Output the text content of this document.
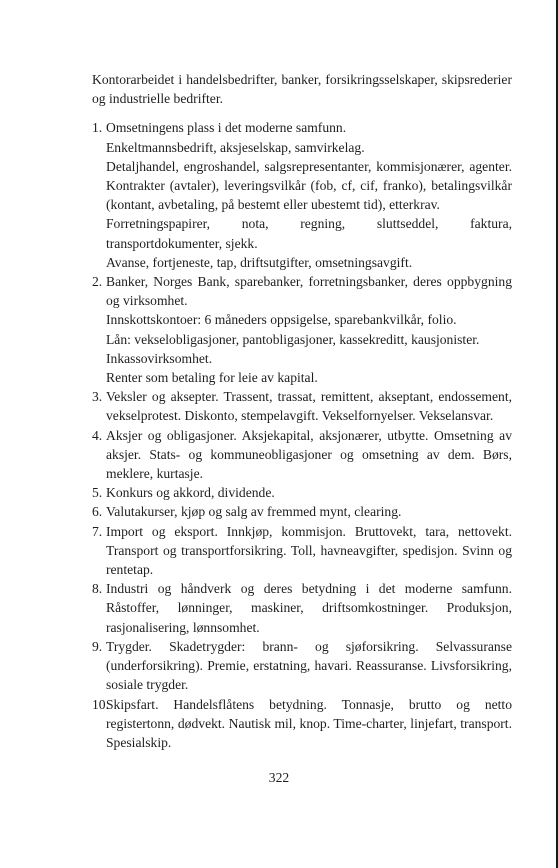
Kontorarbeidet i handelsbedrifter, banker, forsikringsselskaper, skipsrederier og industrielle bedrifter.

1. Omsetningens plass i det moderne samfunn.

Enkeltmannsbedrift, aksjeselskap, samvirkelag.

Detaljhandel, engroshandel, salgsrepresentanter, kommisjonærer, agenter. Kontrakter (avtaler), leveringsvilkår (fob, cf, cif, franko), betalingsvilkår (kontant, avbetaling, på bestemt eller ubestemt tid), etterkrav.

Forretningspapirer, nota, regning, sluttseddel, faktura, transportdokumenter, sjekk.

Avanse, fortjeneste, tap, driftsutgifter, omsetningsavgift.

2. Banker, Norges Bank, sparebanker, forretningsbanker, deres oppbygning og virksomhet.

Innskottskontoer: 6 måneders oppsigelse, sparebankvilkår, folio.

Lån: vekselobligasjoner, pantobligasjoner, kassekreditt, kausjonister.

Inkassovirksomhet.

Renter som betaling for leie av kapital.

3. Veksler og aksepter. Trassent, trassat, remittent, akseptant, endossement, vekselprotest. Diskonto, stempelavgift. Vekselfornyelser. Vekselansvar.

4. Aksjer og obligasjoner. Aksjekapital, aksjonærer, utbytte. Omsetning av aksjer. Stats- og kommuneobligasjoner og omsetning av dem. Børs, meklere, kurtasje.

5. Konkurs og akkord, dividende.

6. Valutakurser, kjøp og salg av fremmed mynt, clearing.

7. Import og eksport. Innkjøp, kommisjon. Bruttovekt, tara, nettovekt. Transport og transportforsikring. Toll, havneavgifter, spedisjon. Svinn og rentetap.

8. Industri og håndverk og deres betydning i det moderne samfunn. Råstoffer, lønninger, maskiner, driftsomkostninger. Produksjon, rasjonalisering, lønnsomhet.

9. Trygder. Skadetrygder: brann- og sjøforsikring. Selvassuranse (underforsikring). Premie, erstatning, havari. Reassuranse. Livsforsikring, sosiale trygder.

10.

Skipsfart. Handelsflåtens betydning. Tonnasje, brutto og netto registertonn, dødvekt. Nautisk mil, knop. Time-charter, linjefart, transport. Spesialskip.

322
